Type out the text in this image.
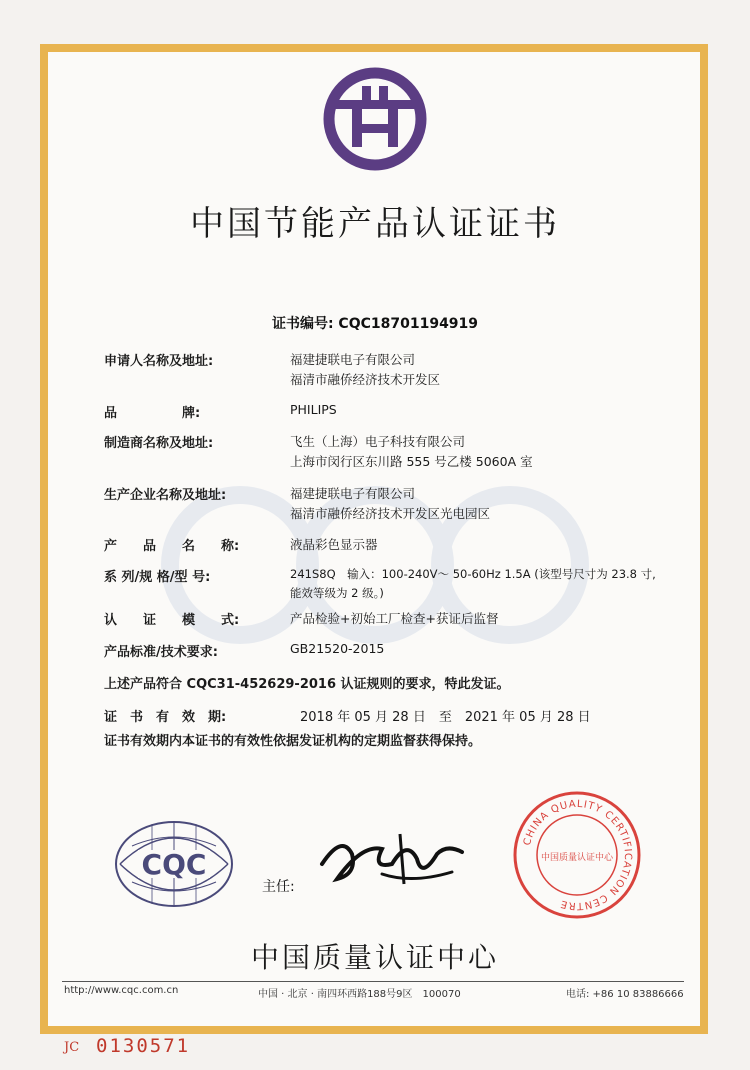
中国节能产品认证证书
证书编号: CQC18701194919
申请人名称及地址:	福建捷联电子有限公司
福清市融侨经济技术开发区
品　　　　　牌:	PHILIPS
制造商名称及地址:	飞生（上海）电子科技有限公司
上海市闵行区东川路 555 号乙楼 5060A 室
生产企业名称及地址:	福建捷联电子有限公司
福清市融侨经济技术开发区光电园区
产　　品　　名　　称:	液晶彩色显示器
系 列/规 格/型 号:	241S8Q　输入：100-240V～ 50-60Hz 1.5A (该型号尺寸为 23.8 寸,
能效等级为 2 级。)
认　　证　　模　　式:	产品检验+初始工厂检查+获证后监督
产品标准/技术要求:	GB21520-2015
上述产品符合 CQC31-452629-2016 认证规则的要求，特此发证。
证　书　有　效　期:	2018 年 05 月 28 日　至　2021 年 05 月 28 日
证书有效期内本证书的有效性依据发证机构的定期监督获得保持。
CQC
主任:
CHINA QUALITY CERTIFICATION CENTRE
中国质量认证中心
中国质量认证中心
http://www.cqc.com.cn	中国 · 北京 · 南四环西路188号9区　100070	电话: +86 10 83886666
JC 0130571
